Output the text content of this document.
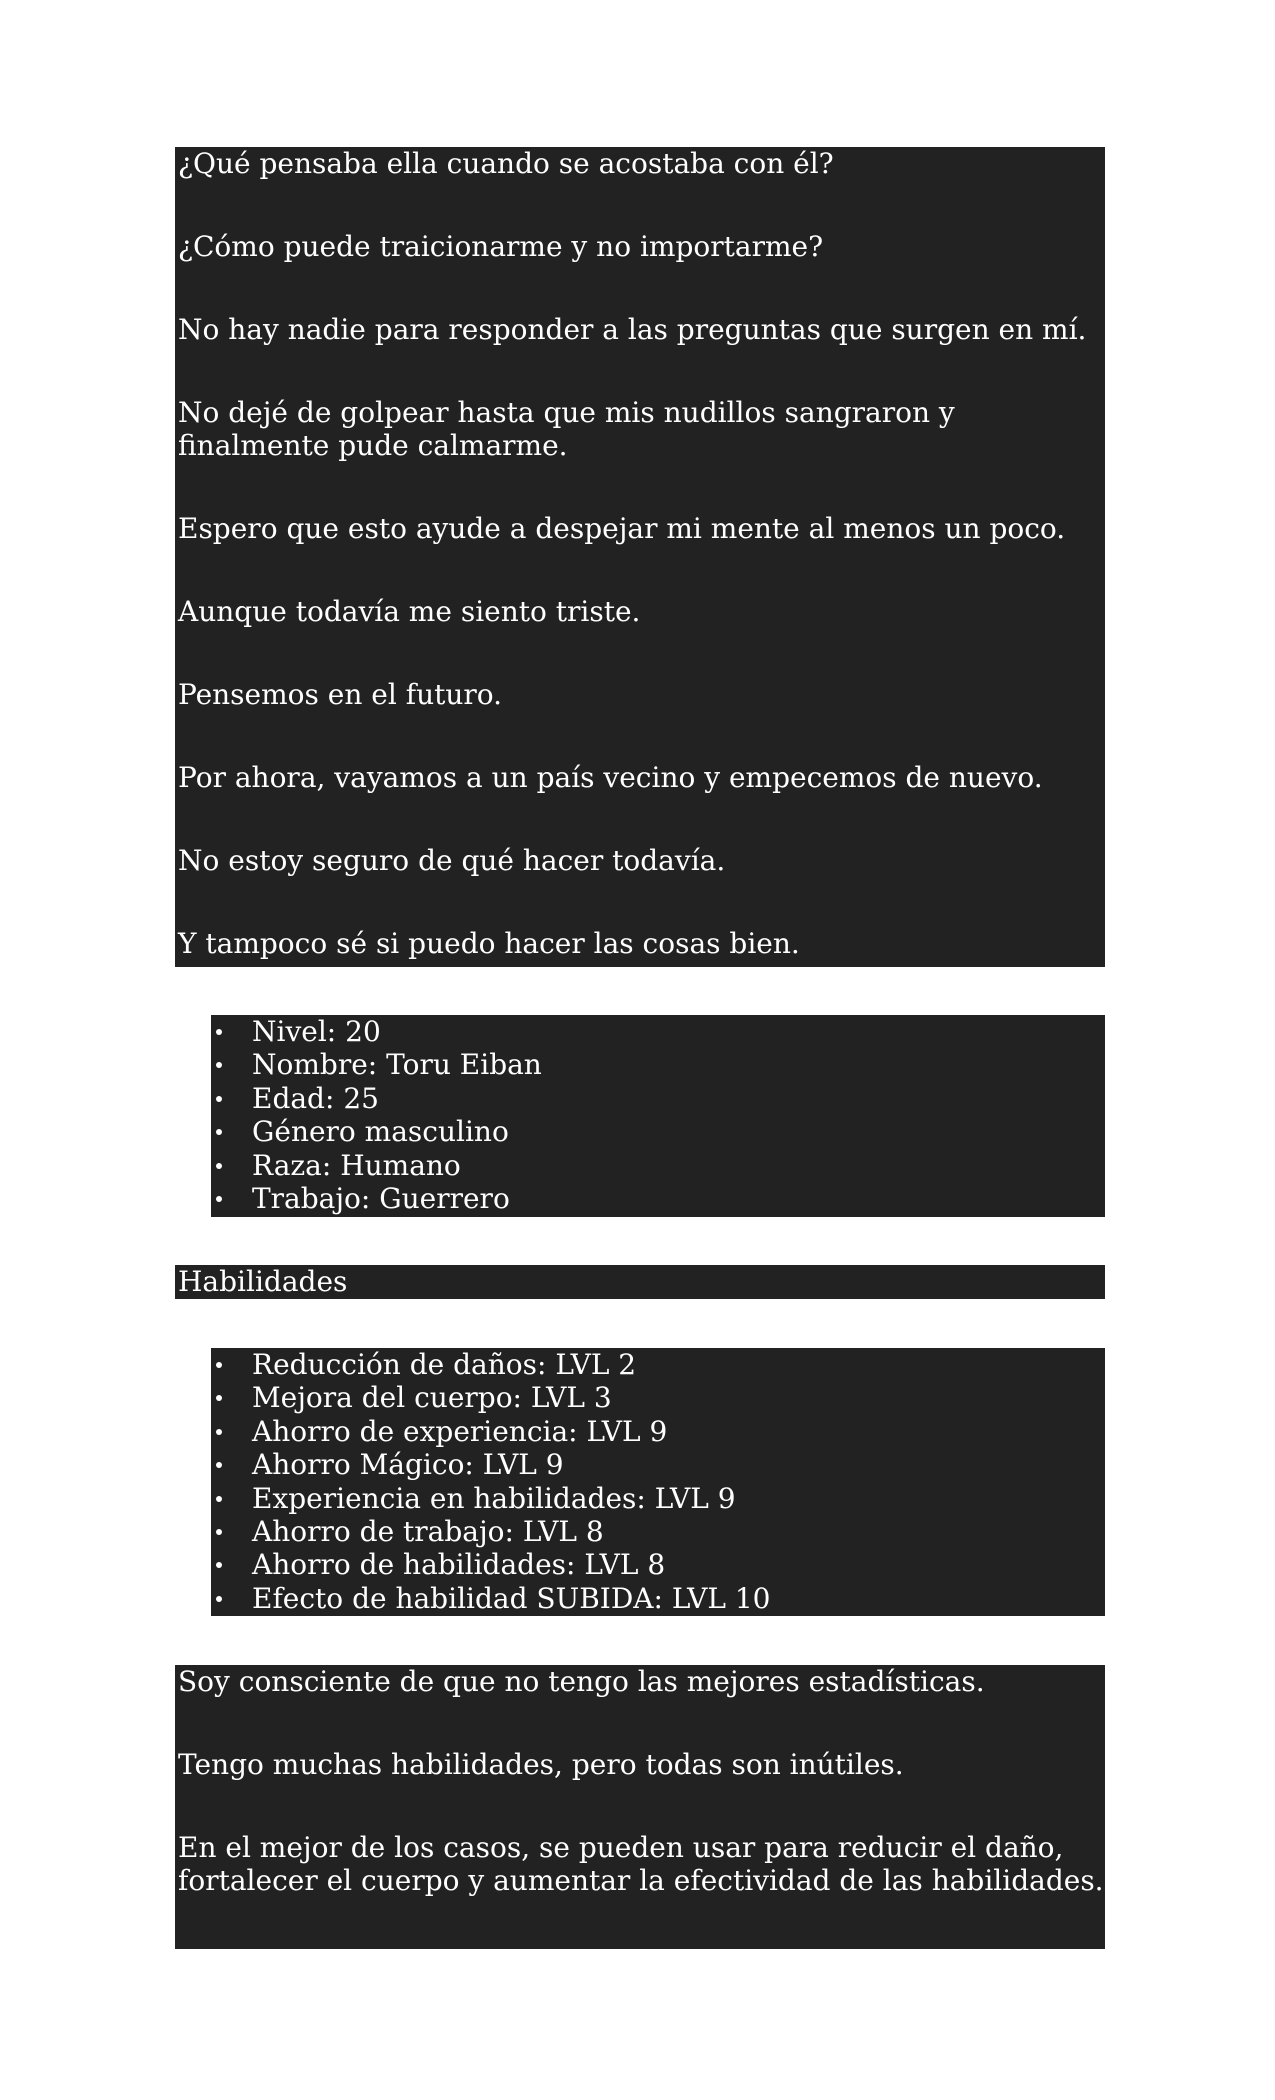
¿Qué pensaba ella cuando se acostaba con él?

¿Cómo puede traicionarme y no importarme?

No hay nadie para responder a las preguntas que surgen en mí.

No dejé de golpear hasta que mis nudillos sangraron y finalmente pude calmarme.

Espero que esto ayude a despejar mi mente al menos un poco.

Aunque todavía me siento triste.

Pensemos en el futuro.

Por ahora, vayamos a un país vecino y empecemos de nuevo.

No estoy seguro de qué hacer todavía.

Y tampoco sé si puedo hacer las cosas bien.

Nivel: 20
Nombre: Toru Eiban
Edad: 25
Género masculino
Raza: Humano
Trabajo: Guerrero

Habilidades

Reducción de daños: LVL 2
Mejora del cuerpo: LVL 3
Ahorro de experiencia: LVL 9
Ahorro Mágico: LVL 9
Experiencia en habilidades: LVL 9
Ahorro de trabajo: LVL 8
Ahorro de habilidades: LVL 8
Efecto de habilidad SUBIDA: LVL 10

Soy consciente de que no tengo las mejores estadísticas.

Tengo muchas habilidades, pero todas son inútiles.

En el mejor de los casos, se pueden usar para reducir el daño, fortalecer el cuerpo y aumentar la efectividad de las habilidades.
